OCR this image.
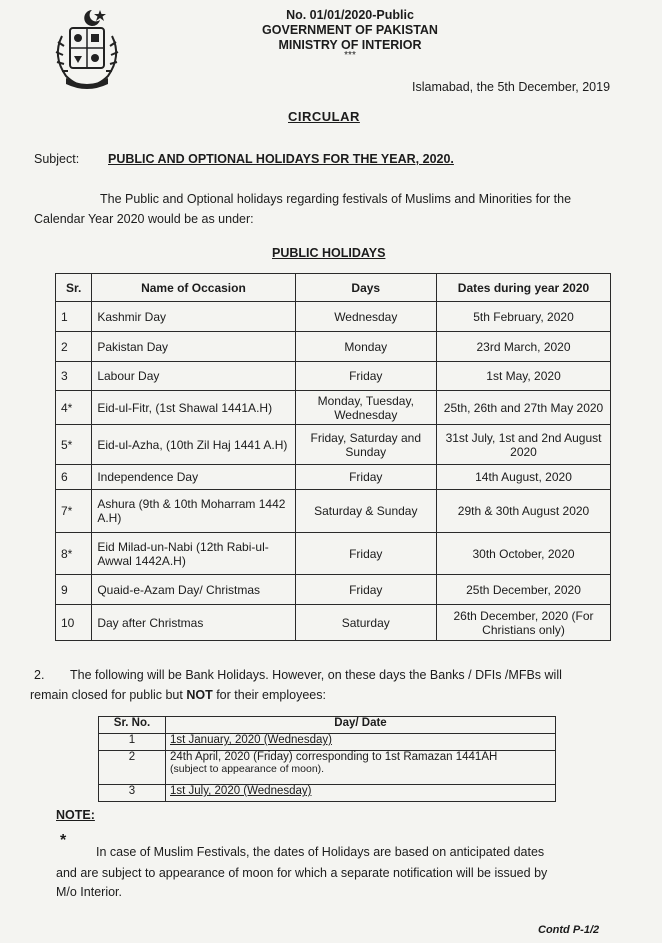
No. 01/01/2020-Public
GOVERNMENT OF PAKISTAN
MINISTRY OF INTERIOR
***
Islamabad, the 5th December, 2019
CIRCULAR
Subject: PUBLIC AND OPTIONAL HOLIDAYS FOR THE YEAR, 2020.
The Public and Optional holidays regarding festivals of Muslims and Minorities for the
Calendar Year 2020 would be as under:
PUBLIC HOLIDAYS
Sr.	Name of Occasion	Days	Dates during year 2020
1	Kashmir Day	Wednesday	5th February, 2020
2	Pakistan Day	Monday	23rd March, 2020
3	Labour Day	Friday	1st May, 2020
4*	Eid-ul-Fitr, (1st Shawal 1441A.H)	Monday, Tuesday, Wednesday	25th, 26th and 27th May 2020
5*	Eid-ul-Azha, (10th Zil Haj 1441 A.H)	Friday, Saturday and Sunday	31st July, 1st and 2nd August 2020
6	Independence Day	Friday	14th August, 2020
7*	Ashura (9th & 10th Moharram 1442 A.H)	Saturday & Sunday	29th & 30th August 2020
8*	Eid Milad-un-Nabi (12th Rabi-ul-Awwal 1442A.H)	Friday	30th October, 2020
9	Quaid-e-Azam Day/ Christmas	Friday	25th December, 2020
10	Day after Christmas	Saturday	26th December, 2020 (For Christians only)
2. The following will be Bank Holidays. However, on these days the Banks / DFIs /MFBs will
remain closed for public but NOT for their employees:
Sr. No.	Day/ Date
1	1st January, 2020 (Wednesday)
2	24th April, 2020 (Friday) corresponding to 1st Ramazan 1441AH
(subject to appearance of moon).

3	1st July, 2020 (Wednesday)
NOTE:
*
In case of Muslim Festivals, the dates of Holidays are based on anticipated dates
and are subject to appearance of moon for which a separate notification will be issued by
M/o Interior.
Contd P-1/2
